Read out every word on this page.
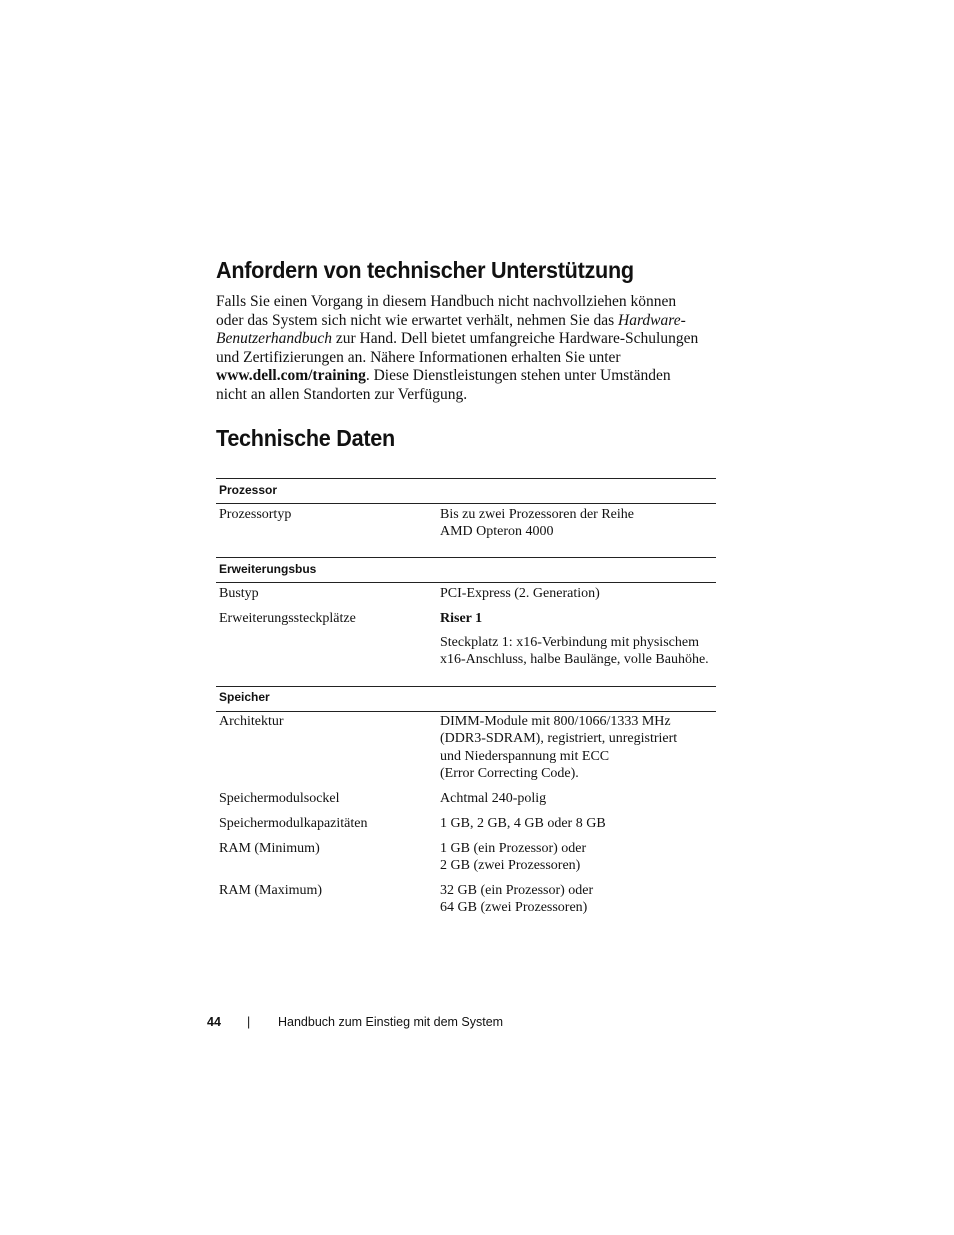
Anfordern von technischer Unterstützung
Falls Sie einen Vorgang in diesem Handbuch nicht nachvollziehen können
oder das System sich nicht wie erwartet verhält, nehmen Sie das Hardware-
Benutzerhandbuch zur Hand. Dell bietet umfangreiche Hardware-Schulungen
und Zertifizierungen an. Nähere Informationen erhalten Sie unter
www.dell.com/training. Diese Dienstleistungen stehen unter Umständen
nicht an allen Standorten zur Verfügung.
Technische Daten
Prozessor
Prozessortyp	Bis zu zwei Prozessoren der Reihe
AMD Opteron 4000
Erweiterungsbus
Bustyp	PCI-Express (2. Generation)
Erweiterungssteckplätze	Riser 1
Steckplatz 1: x16-Verbindung mit physischem
x16-Anschluss, halbe Baulänge, volle Bauhöhe.
Speicher
Architektur	DIMM-Module mit 800/1066/1333 MHz
(DDR3-SDRAM), registriert, unregistriert
und Niederspannung mit ECC
(Error Correcting Code).
Speichermodulsockel	Achtmal 240-polig
Speichermodulkapazitäten	1 GB, 2 GB, 4 GB oder 8 GB
RAM (Minimum)	1 GB (ein Prozessor) oder
2 GB (zwei Prozessoren)
RAM (Maximum)	32 GB (ein Prozessor) oder
64 GB (zwei Prozessoren)
44 | Handbuch zum Einstieg mit dem System
